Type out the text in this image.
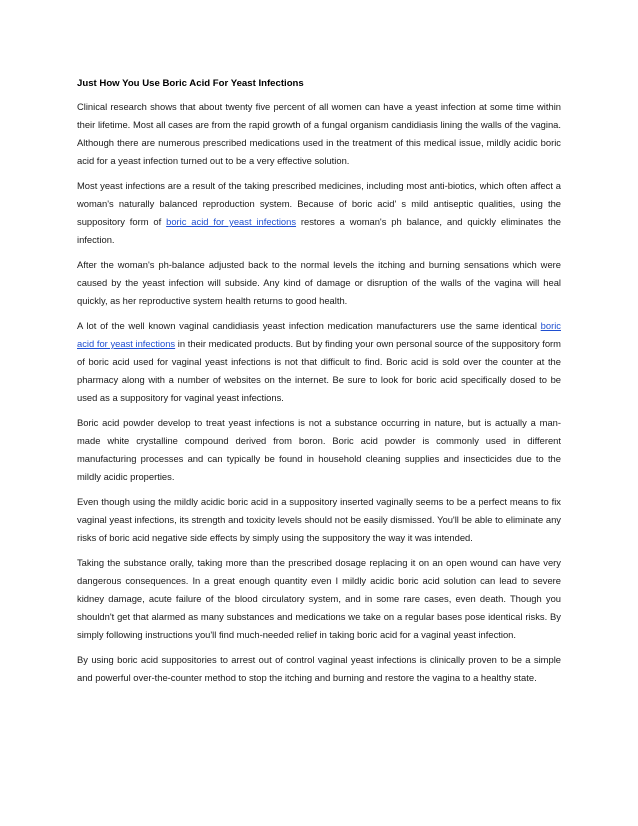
Just How You Use Boric Acid For Yeast Infections

Clinical research shows that about twenty five percent of all women can have a yeast infection at some time within their lifetime. Most all cases are from the rapid growth of a fungal organism candidiasis lining the walls of the vagina. Although there are numerous prescribed medications used in the treatment of this medical issue, mildly acidic boric acid for a yeast infection turned out to be a very effective solution.

Most yeast infections are a result of the taking prescribed medicines, including most anti-biotics, which often affect a woman's naturally balanced reproduction system. Because of boric acid' s mild antiseptic qualities, using the suppository form of boric acid for yeast infections restores a woman's ph balance, and quickly eliminates the infection.

After the woman's ph-balance adjusted back to the normal levels the itching and burning sensations which were caused by the yeast infection will subside. Any kind of damage or disruption of the walls of the vagina will heal quickly, as her reproductive system health returns to good health.

A lot of the well known vaginal candidiasis yeast infection medication manufacturers use the same identical boric acid for yeast infections in their medicated products. But by finding your own personal source of the suppository form of boric acid used for vaginal yeast infections is not that difficult to find. Boric acid is sold over the counter at the pharmacy along with a number of websites on the internet. Be sure to look for boric acid specifically dosed to be used as a suppository for vaginal yeast infections.

Boric acid powder develop to treat yeast infections is not a substance occurring in nature, but is actually a man-made white crystalline compound derived from boron. Boric acid powder is commonly used in different manufacturing processes and can typically be found in household cleaning supplies and insecticides due to the mildly acidic properties.

Even though using the mildly acidic boric acid in a suppository inserted vaginally seems to be a perfect means to fix vaginal yeast infections, its strength and toxicity levels should not be easily dismissed. You'll be able to eliminate any risks of boric acid negative side effects by simply using the suppository the way it was intended.

Taking the substance orally, taking more than the prescribed dosage replacing it on an open wound can have very dangerous consequences. In a great enough quantity even I mildly acidic boric acid solution can lead to severe kidney damage, acute failure of the blood circulatory system, and in some rare cases, even death. Though you shouldn't get that alarmed as many substances and medications we take on a regular bases pose identical risks. By simply following instructions you'll find much-needed relief in taking boric acid for a vaginal yeast infection.

By using boric acid suppositories to arrest out of control vaginal yeast infections is clinically proven to be a simple and powerful over-the-counter method to stop the itching and burning and restore the vagina to a healthy state.
